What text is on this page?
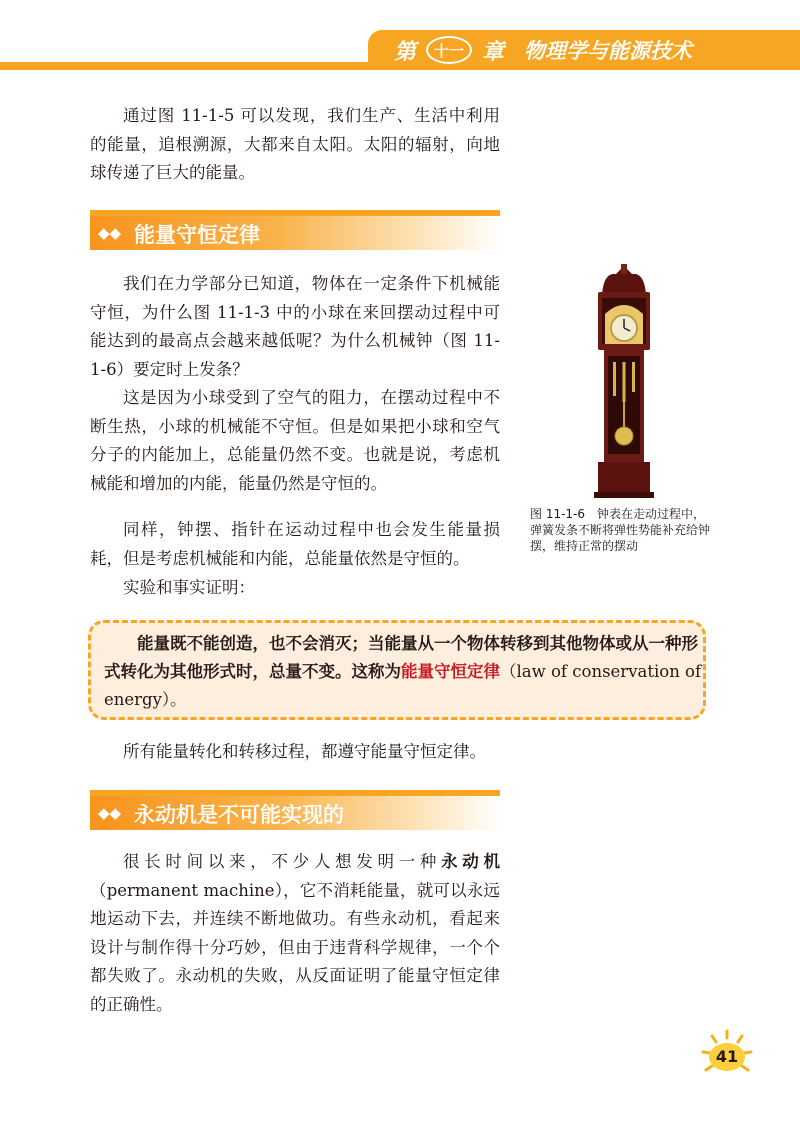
第	十一 章 物理学与能源技术

通过图 11-1-5 可以发现，我们生产、生活中利用的能量，追根溯源，大都来自太阳。太阳的辐射，向地球传递了巨大的能量。

◆◆ 能量守恒定律

我们在力学部分已知道，物体在一定条件下机械能守恒，为什么图 11-1-3 中的小球在来回摆动过程中可能达到的最高点会越来越低呢？为什么机械钟（图 11-1-6）要定时上发条？

这是因为小球受到了空气的阻力，在摆动过程中不断生热，小球的机械能不守恒。但是如果把小球和空气分子的内能加上，总能量仍然不变。也就是说，考虑机械能和增加的内能，能量仍然是守恒的。

同样，钟摆、指针在运动过程中也会发生能量损耗，但是考虑机械能和内能，总能量依然是守恒的。

实验和事实证明：

图 11-1-6　钟表在走动过程中，弹簧发条不断将弹性势能补充给钟摆，维持正常的摆动

能量既不能创造，也不会消灭；当能量从一个物体转移到其他物体或从一种形式转化为其他形式时，总量不变。这称为能量守恒定律（law of conservation of energy）。

所有能量转化和转移过程，都遵守能量守恒定律。

◆◆ 永动机是不可能实现的

很长时间以来，不少人想发明一种永动机（permanent machine），它不消耗能量，就可以永远地运动下去，并连续不断地做功。有些永动机，看起来设计与制作得十分巧妙，但由于违背科学规律，一个个都失败了。永动机的失败，从反面证明了能量守恒定律的正确性。

41
